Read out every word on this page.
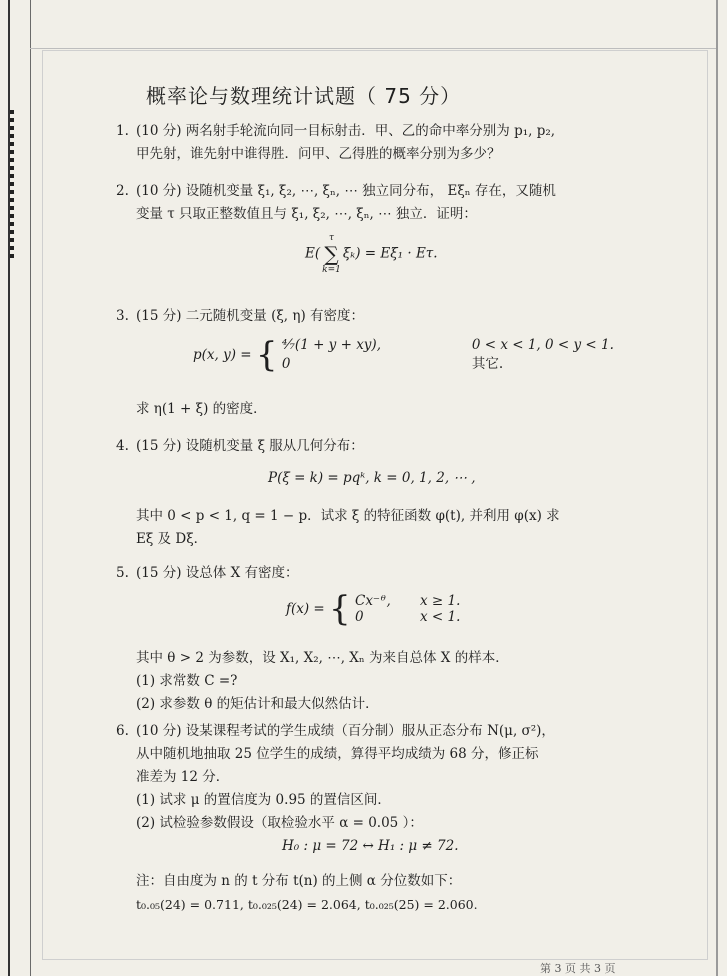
概率论与数理统计试题（ 75 分）
1. (10 分) 两名射手轮流向同一目标射击．甲、乙的命中率分别为 p₁, p₂,
甲先射，谁先射中谁得胜．问甲、乙得胜的概率分别为多少？
2. (10 分) 设随机变量 ξ₁, ξ₂, ⋯, ξₙ, ⋯ 独立同分布， Eξₙ 存在，又随机
变量 τ 只取正整数值且与 ξ₁, ξ₂, ⋯, ξₙ, ⋯ 独立．证明：
E(
τ
∑
k=1
ξₖ) = Eξ₁ · Eτ.
3. (15 分) 二元随机变量 (ξ, η) 有密度：
p(x, y) = { ⁴⁄₇(1 + y + xy),	0 < x < 1, 0 < y < 1.
0	其它.
求 η(1 + ξ) 的密度．
4. (15 分) 设随机变量 ξ 服从几何分布：
P(ξ = k) = pqᵏ, k = 0, 1, 2, ⋯ ,
其中 0 < p < 1, q = 1 − p．试求 ξ 的特征函数 φ(t), 并利用 φ(x) 求
Eξ 及 Dξ．
5. (15 分) 设总体 X 有密度：
f(x) = { Cx⁻ᶿ, x ≥ 1.
0	x < 1.
其中 θ > 2 为参数，设 X₁, X₂, ⋯, Xₙ 为来自总体 X 的样本．
(1) 求常数 C =?
(2) 求参数 θ 的矩估计和最大似然估计．
6. (10 分) 设某课程考试的学生成绩（百分制）服从正态分布 N(μ, σ²)，
从中随机地抽取 25 位学生的成绩，算得平均成绩为 68 分，修正标
准差为 12 分．
(1) 试求 μ 的置信度为 0.95 的置信区间．
(2) 试检验参数假设（取检验水平 α = 0.05 ）：
H₀ : μ = 72 ↔ H₁ : μ ≠ 72.
注：自由度为 n 的 t 分布 t(n) 的上侧 α 分位数如下：
t₀.₀₅(24) = 0.711, t₀.₀₂₅(24) = 2.064, t₀.₀₂₅(25) = 2.060.
第 3 页 共 3 页
